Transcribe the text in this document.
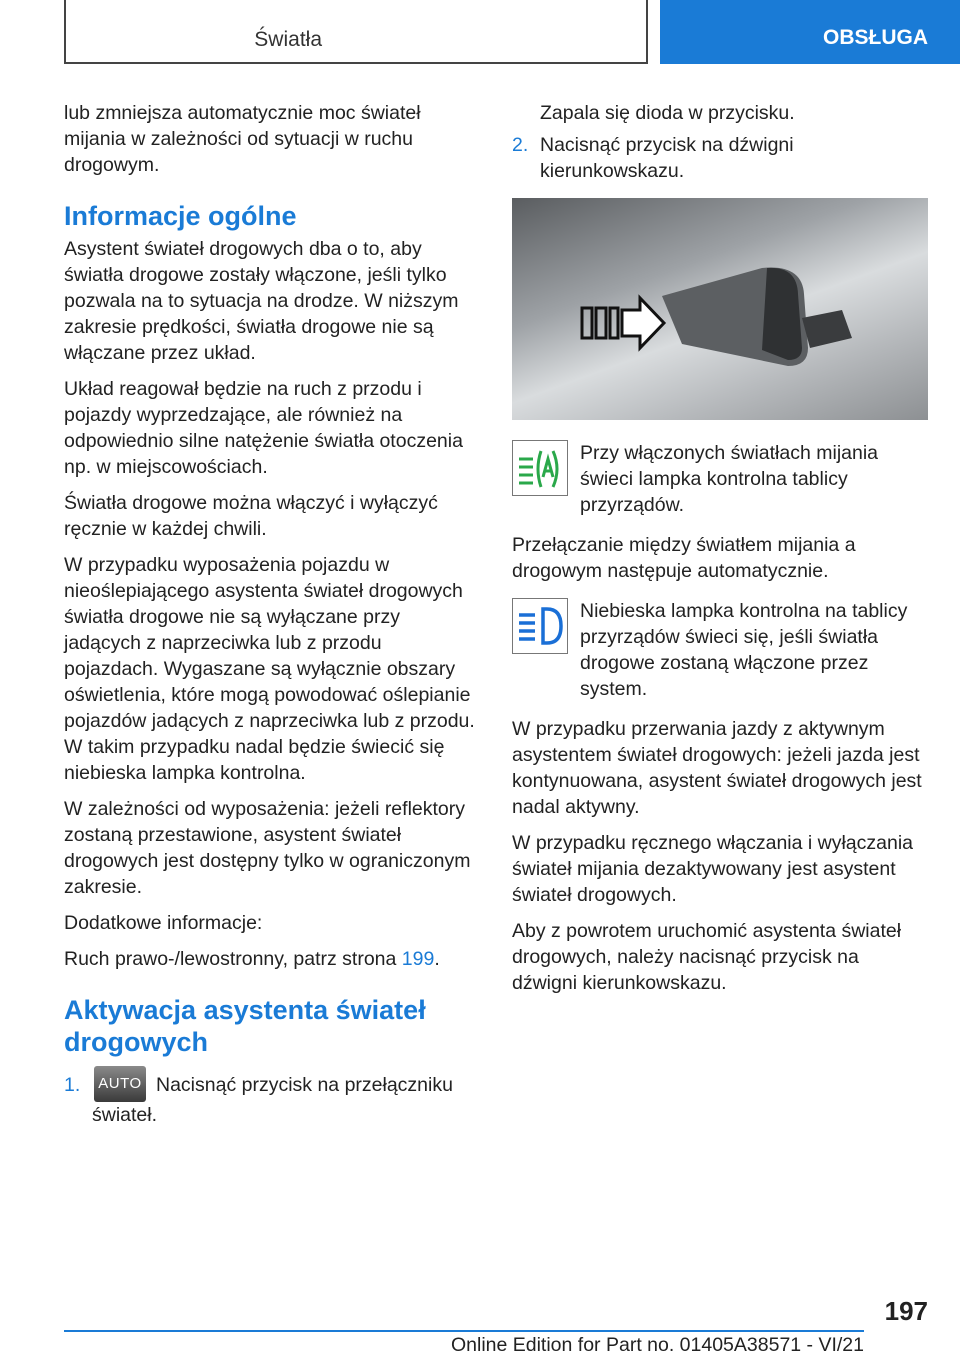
Światła	OBSŁUGA

lub zmniejsza automatycznie moc świateł mijania w zależności od sytuacji w ruchu drogowym.

Informacje ogólne

Asystent świateł drogowych dba o to, aby światła drogowe zostały włączone, jeśli tylko pozwala na to sytuacja na drodze. W niższym zakresie prędkości, światła drogowe nie są włączane przez układ.

Układ reagował będzie na ruch z przodu i pojazdy wyprzedzające, ale również na odpowiednio silne natężenie światła otoczenia np. w miejscowościach.

Światła drogowe można włączyć i wyłączyć ręcznie w każdej chwili.

W przypadku wyposażenia pojazdu w nieoślepiającego asystenta świateł drogowych światła drogowe nie są wyłączane przy jadących z naprzeciwka lub z przodu pojazdach. Wygaszane są wyłącznie obszary oświetlenia, które mogą powodować oślepianie pojazdów jadących z naprzeciwka lub z przodu. W takim przypadku nadal będzie świecić się niebieska lampka kontrolna.

W zależności od wyposażenia: jeżeli reflektory zostaną przestawione, asystent świateł drogowych jest dostępny tylko w ograniczonym zakresie.

Dodatkowe informacje:

Ruch prawo-/lewostronny, patrz strona 199.

Aktywacja asystenta świateł drogowych
1.	AUTO Nacisnąć przycisk na przełączniku świateł.
Zapala się dioda w przycisku.
2. Nacisnąć przycisk na dźwigni kierunkowskazu.
Przy włączonych światłach mijania świeci lampka kontrolna tablicy przyrządów.

Przełączanie między światłem mijania a drogowym następuje automatycznie.

Niebieska lampka kontrolna na tablicy przyrządów świeci się, jeśli światła drogowe zostaną włączone przez system.

W przypadku przerwania jazdy z aktywnym asystentem świateł drogowych: jeżeli jazda jest kontynuowana, asystent świateł drogowych jest nadal aktywny.

W przypadku ręcznego włączania i wyłączania świateł mijania dezaktywowany jest asystent świateł drogowych.

Aby z powrotem uruchomić asystenta świateł drogowych, należy nacisnąć przycisk na dźwigni kierunkowskazu.

197
Online Edition for Part no. 01405A38571 - VI/21
